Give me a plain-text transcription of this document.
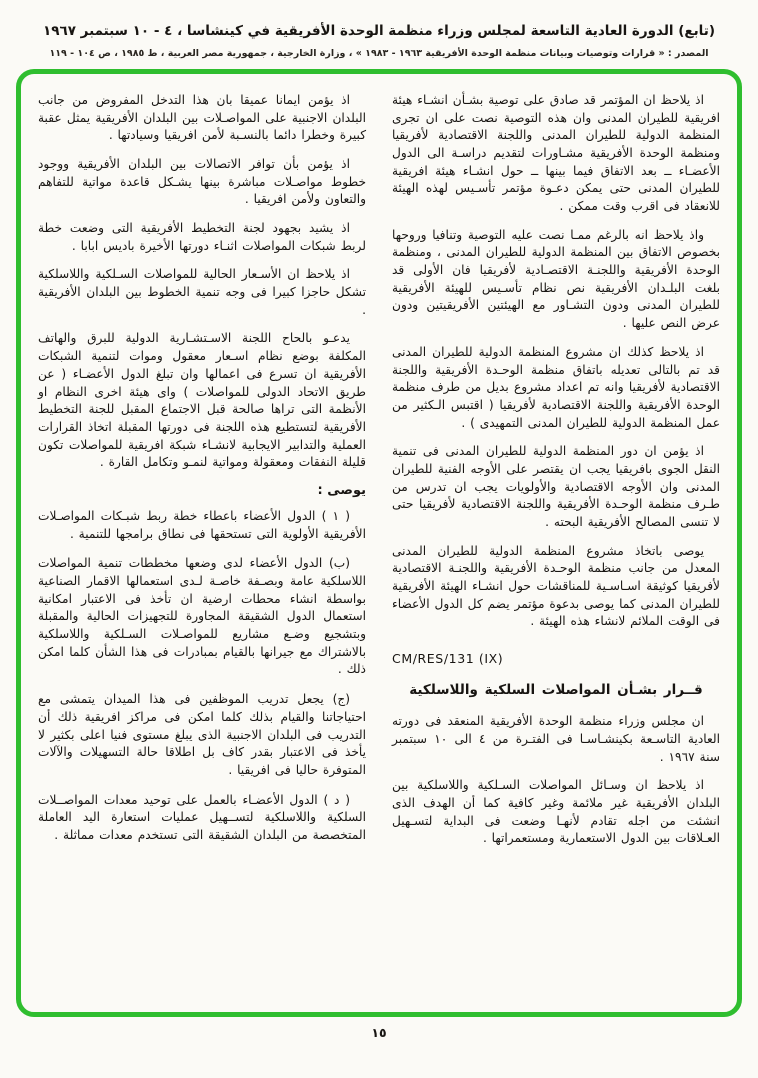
(تابع) الدورة العادية التاسعة لمجلس وزراء منظمة الوحدة الأفريقية في كينشاسا ، ٤ - ١٠ سبتمبر ١٩٦٧
المصدر : « قرارات وتوصيات وبيانات منظمة الوحدة الأفريقية ١٩٦٣ - ١٩٨٣ » ، وزارة الخارجية ، جمهورية مصر العربية ، ط ١٩٨٥ ، ص ١٠٤ - ١١٩

اذ يلاحظ ان المؤتمر قد صادق على توصية بشـأن انشـاء هيئة افريقية للطيران المدنى وان هذه التوصية نصت على ان تجرى المنظمة الدولية للطيران المدنى واللجنة الاقتصادية لأفريقيا ومنظمة الوحدة الأفريقية مشـاورات لتقديم دراسـة الى الدول الأعضـاء ــ بعد الاتفاق فيما بينها ــ حول انشـاء هيئة افريقية للطيران المدنى حتى يمكن دعـوة مؤتمر تأسـيس لهذه الهيئة للانعقاد فى اقرب وقت ممكن .

واذ يلاحظ انه بالرغم ممـا نصت عليه التوصية وتنافيا وروحها بخصوص الاتفاق بين المنظمة الدولية للطيران المدنى ، ومنظمة الوحدة الأفريقية واللجنـة الاقتصـادية لأفريقيا فان الأولى قد بلغت البلـدان الأفريقية نص نظام تأسـيس للهيئة الأفريقية للطيران المدنى ودون التشـاور مع الهيئتين الأفريقيتين ودون عرض النص عليها .

اذ يلاحظ كذلك ان مشروع المنظمة الدولية للطيران المدنى قد تم بالتالى تعديله باتفاق منظمة الوحـدة الأفريقية واللجنة الاقتصادية لأفريقيا وانه تم اعداد مشروع بديل من طرف منظمة الوحدة الأفريقية واللجنة الاقتصادية لأفريقيا ( اقتبس الـكثير من عمل المنظمة الدولية للطيران المدنى التمهيدى ) .

اذ يؤمن ان دور المنظمة الدولية للطيران المدنى فى تنمية النقل الجوى بافريقيا يجب ان يقتصر على الأوجه الفنية للطيران المدنى وان الأوجه الاقتصادية والأولويات يجب ان تدرس من طـرف منظمة الوحـدة الأفريقية واللجنة الاقتصادية لأفريقيا حتى لا تنسى المصالح الأفريقية البحته .

يوصى باتخاذ مشروع المنظمة الدولية للطيران المدنى المعدل من جانب منظمة الوحـدة الأفريقية واللجنـة الاقتصادية لأفريقيا كوثيقة اسـاسـية للمناقشات حول انشـاء الهيئة الأفريقية للطيران المدنى كما يوصى بدعوة مؤتمر يضم كل الدول الأعضاء فى الوقت الملائم لانشاء هذه الهيئة .

CM/RES/131 (IX)
قــرار بشـأن المواصلات السلكية واللاسلكية

ان مجلس وزراء منظمة الوحدة الأفريقية المنعقد فى دورته العادية التاسـعة بكينشـاسـا فى الفتـرة من ٤ الى ١٠ سبتمبر سنة ١٩٦٧ .

اذ يلاحظ ان وسـائل المواصلات السـلكية واللاسلكية بين البلدان الأفريقية غير ملائمة وغير كافية كما أن الهدف الذى انشئت من اجله تقادم لأنهـا وضعت فى البداية لتسـهيل العـلاقات بين الدول الاستعمارية ومستعمراتها .

اذ يؤمن ايمانا عميقا بان هذا التدخل المفروض من جانب البلدان الاجنبية على المواصـلات بين البلدان الأفريقية يمثل عقبة كبيرة وخطرا دائما بالنسـبة لأمن افريقيا وسيادتها .

اذ يؤمن بأن توافر الاتصالات بين البلدان الأفريقية ووجود خطوط مواصـلات مباشرة بينها يشـكل قاعدة مواتية للتفاهم والتعاون ولأمن افريقيا .

اذ يشيد بجهود لجنة التخطيط الأفريقية التى وضعت خطة لربط شبكات المواصلات اثنـاء دورتها الأخيرة باديس ابابا .

اذ يلاحظ ان الأسـعار الحالية للمواصلات السـلكية واللاسلكية تشكل حاجزا كبيرا فى وجه تنمية الخطوط بين البلدان الأفريقية .

يدعـو بالحاح اللجنة الاسـتشـارية الدولية للبرق والهاتف المكلفة بوضع نظام اسـعار معقول وموات لتنمية الشبكات الأفريقية ان تسرع فى اعمالها وان تبلغ الدول الأعضـاء ( عن طريق الاتحاد الدولى للمواصلات ) واى هيئة اخرى النظام او الأنظمة التى تراها صالحة قبل الاجتماع المقبل للجنة التخطيط الأفريقية لتستطيع هذه اللجنة فى دورتها المقبلة اتخاذ القرارات العملية والتدابير الايجابية لانشـاء شبكة افريقية للمواصلات تكون قليلة النفقات ومعقولة ومواتية لنمـو وتكامل القارة .

يوصى :

( ١ ) الدول الأعضاء باعطاء خطة ربط شبـكات المواصـلات الأفريقية الأولوية التى تستحقها فى نطاق برامجها للتنمية .

(ب) الدول الأعضاء لدى وضعها مخططات تنمية المواصلات اللاسلكية عامة وبصـفة خاصـة لـدى استعمالها الاقمار الصناعية بواسطة انشاء محطات ارضية ان تأخذ فى الاعتبار امكانية استعمال الدول الشقيقة المجاورة للتجهيزات الحالية والمقبلة وبتشجيع وضـع مشاريع للمواصـلات السـلكية واللاسلكية بالاشتراك مع جيرانها بالقيام بمبادرات فى هذا الشأن كلما امكن ذلك .

(ج) يجعل تدريب الموظفين فى هذا الميدان يتمشى مع احتياجاتنا والقيام بذلك كلما امكن فى مراكز افريقية ذلك أن التدريب فى البلدان الاجنبية الذى يبلغ مستوى فنيا اعلى بكثير لا يأخذ فى الاعتبار بقدر كاف بل اطلاقا حالة التسهيلات والآلات المتوفرة حاليا فى افريقيا .

( د ) الدول الأعضـاء بالعمل على توحيد معدات المواصــلات السلكية واللاسلكية لتســهيل عمليات استعارة اليد العاملة المتخصصة من البلدان الشقيقة التى تستخدم معدات مماثلة .

١٥
